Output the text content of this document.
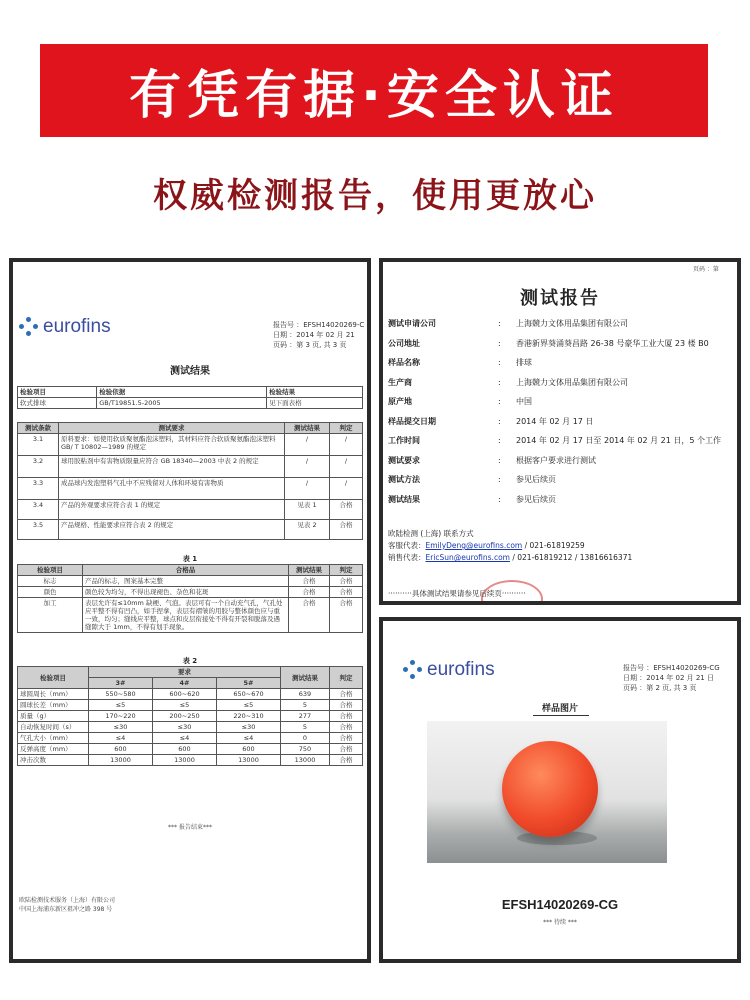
有凭有据·安全认证
权威检测报告，使用更放心
eurofins	报告号 ：EFSH14020269-C
日期 ：2014 年 02 月 21
页码 ：第 3 页, 共 3 页
测试结果
检验项目	检验依据	检验结果
软式排球	GB/T19851.5-2005	见下面表格
测试条款	测试要求	测试结果	判定
3.1	原料要求：如使用软质聚氨酯泡沫塑料，其材料应符合软质聚氨酯泡沫塑料 GB/ T 10802—1989 的规定	/	/
3.2	球用胶粘剂中有害物质限量应符合 GB 18340—2003 中表 2 的规定	/	/
3.3	成品球内发泡塑料气孔中不应残留对人体和环境有害物质	/	/
3.4	产品的外观要求应符合表 1 的规定	见表 1	合格
3.5	产品规格、性能要求应符合表 2 的规定	见表 2	合格
表 1
检验项目	合格品	测试结果	判定
标志	产品的标志，图案基本完整	合格	合格
颜色	颜色较为均匀，不得出现褪色、杂色和花斑	合格	合格
加工	表层允许有≤10mm 缺梗、气泡。表层可有一个自动充气孔，气孔处应平整不得有凹凸，如手捏拿，表层有褶皱的用胶与整体颜色应与重一致，均匀；缝线应平整，球点和皮层衔接处不得有开裂和脱落及遇缝隙大于 1mm，不得有划手现象。	合格	合格
表 2
检验项目	要求			测试结果	判定
	3#	4#	5#		
球圆周长（mm）	550~580	600~620	650~670	639	合格
圆球长差（mm）	≤5	≤5	≤5	5	合格
质量（g）	170~220	200~250	220~310	277	合格
自动恢复时间（s）	≤30	≤30	≤30	5	合格
气孔大小（mm）	≤4	≤4	≤4	0	合格
反弹高度（mm）	600	600	600	750	合格
冲击次数	13000	13000	13000	13000	合格
*** 报告结束***
欧陆检测技术服务（上海）有限公司
中国上海浦东新区祖冲之路 398 号
页码 ：第
测试报告
测试申请公司	: 上海競力文体用品集团有限公司
公司地址	: 香港新界葵涌葵昌路 26-38 号豪华工业大厦 23 楼 B0
样品名称	: 排球
生产商	: 上海競力文体用品集团有限公司
原产地	: 中国
样品提交日期	: 2014 年 02 月 17 日
工作时间	: 2014 年 02 月 17 日至 2014 年 02 月 21 日，5 个工作
测试要求	: 根据客户要求进行测试
测试方法	: 参见后续页
测试结果	: 参见后续页
欧陆检测 (上海) 联系方式
客服代表：EmilyDeng@eurofins.com / 021-61819259
销售代表：EricSun@eurofins.com / 021-61819212 / 13816616371
··········具体测试结果请参见后续页··········
eurofins	报告号 ：EFSH14020269-CG
日期 ：2014 年 02 月 21 日
页码 ：第 2 页, 共 3 页
样品图片
EFSH14020269-CG
*** 待续 ***
